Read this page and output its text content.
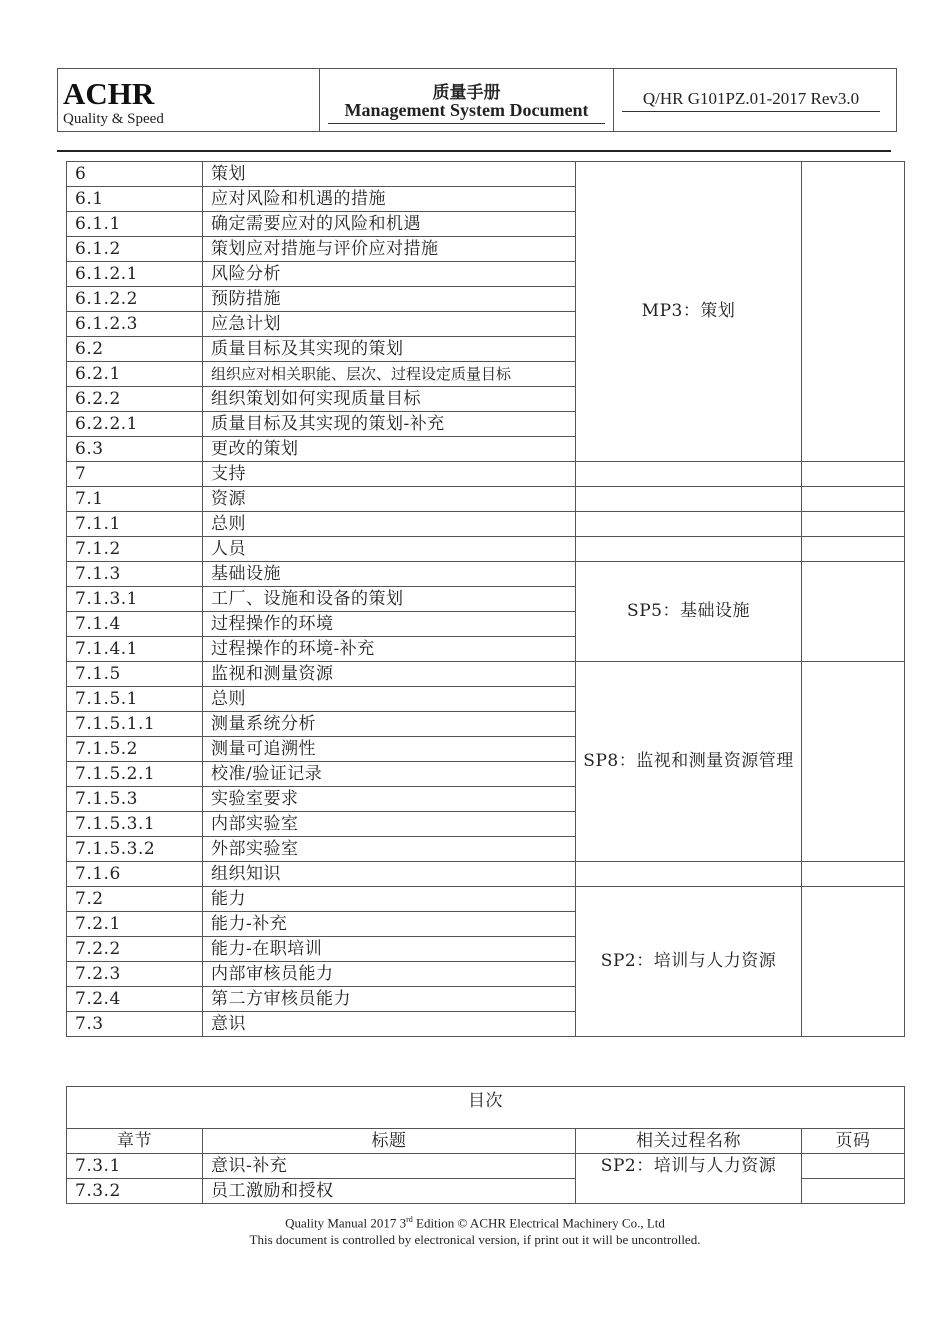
ACHR
Quality & Speed
质量手册
Management System Document
Q/HR G101PZ.01-2017 Rev3.0
6	策划	MP3：策划	
6.1	应对风险和机遇的措施		
6.1.1	确定需要应对的风险和机遇		
6.1.2	策划应对措施与评价应对措施		
6.1.2.1	风险分析		
6.1.2.2	预防措施		
6.1.2.3	应急计划		
6.2	质量目标及其实现的策划		
6.2.1	组织应对相关职能、层次、过程设定质量目标		
6.2.2	组织策划如何实现质量目标		
6.2.2.1	质量目标及其实现的策划-补充		
6.3	更改的策划		
7	支持		
7.1	资源		
7.1.1	总则		
7.1.2	人员		
7.1.3	基础设施	SP5：基础设施	
7.1.3.1	工厂、设施和设备的策划		
7.1.4	过程操作的环境		
7.1.4.1	过程操作的环境-补充		
7.1.5	监视和测量资源	SP8：监视和测量资源管理	
7.1.5.1	总则		
7.1.5.1.1	测量系统分析		
7.1.5.2	测量可追溯性		
7.1.5.2.1	校准/验证记录		
7.1.5.3	实验室要求		
7.1.5.3.1	内部实验室		
7.1.5.3.2	外部实验室		
7.1.6	组织知识		
7.2	能力	SP2：培训与人力资源	
7.2.1	能力-补充		
7.2.2	能力-在职培训		
7.2.3	内部审核员能力		
7.2.4	第二方审核员能力		
7.3	意识		
目次			
章节	标题	相关过程名称	页码
7.3.1	意识-补充	SP2：培训与人力资源	
7.3.2	员工激励和授权		
Quality Manual 2017 3rd Edition © ACHR Electrical Machinery Co., Ltd
This document is controlled by electronical version, if print out it will be uncontrolled.
